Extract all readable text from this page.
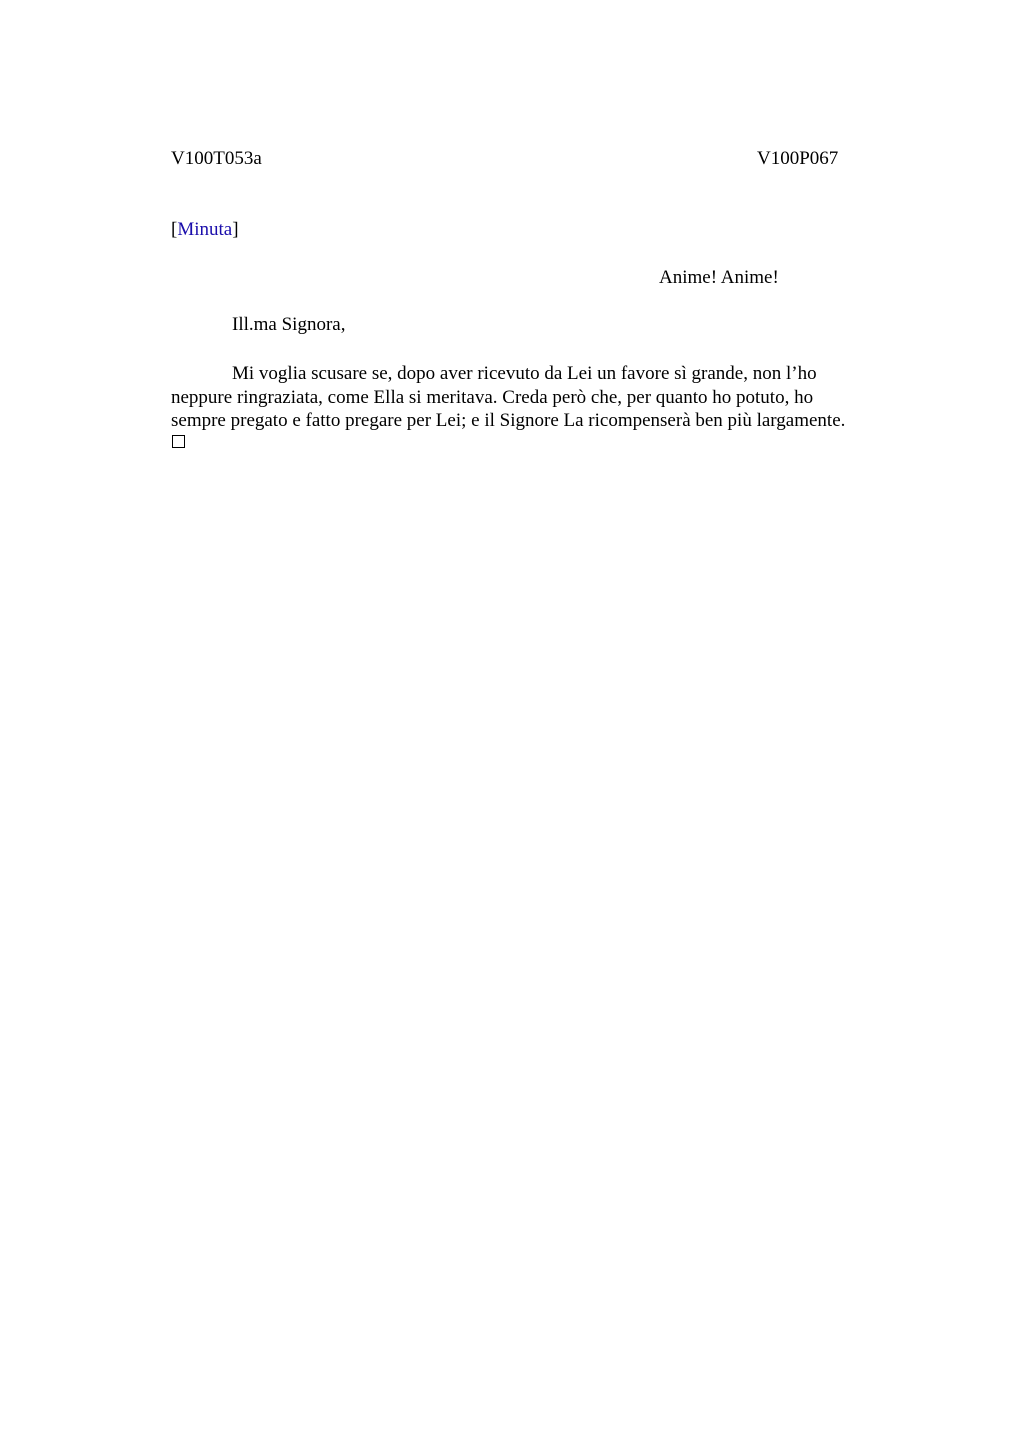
V100T053a	V100P067
[Minuta]
Anime! Anime!
Ill.ma Signora,

Mi voglia scusare se, dopo aver ricevuto da Lei un favore sì grande, non l’ho
neppure ringraziata, come Ella si meritava. Creda però che, per quanto ho potuto, ho
sempre pregato e fatto pregare per Lei; e il Signore La ricompenserà ben più largamente.
